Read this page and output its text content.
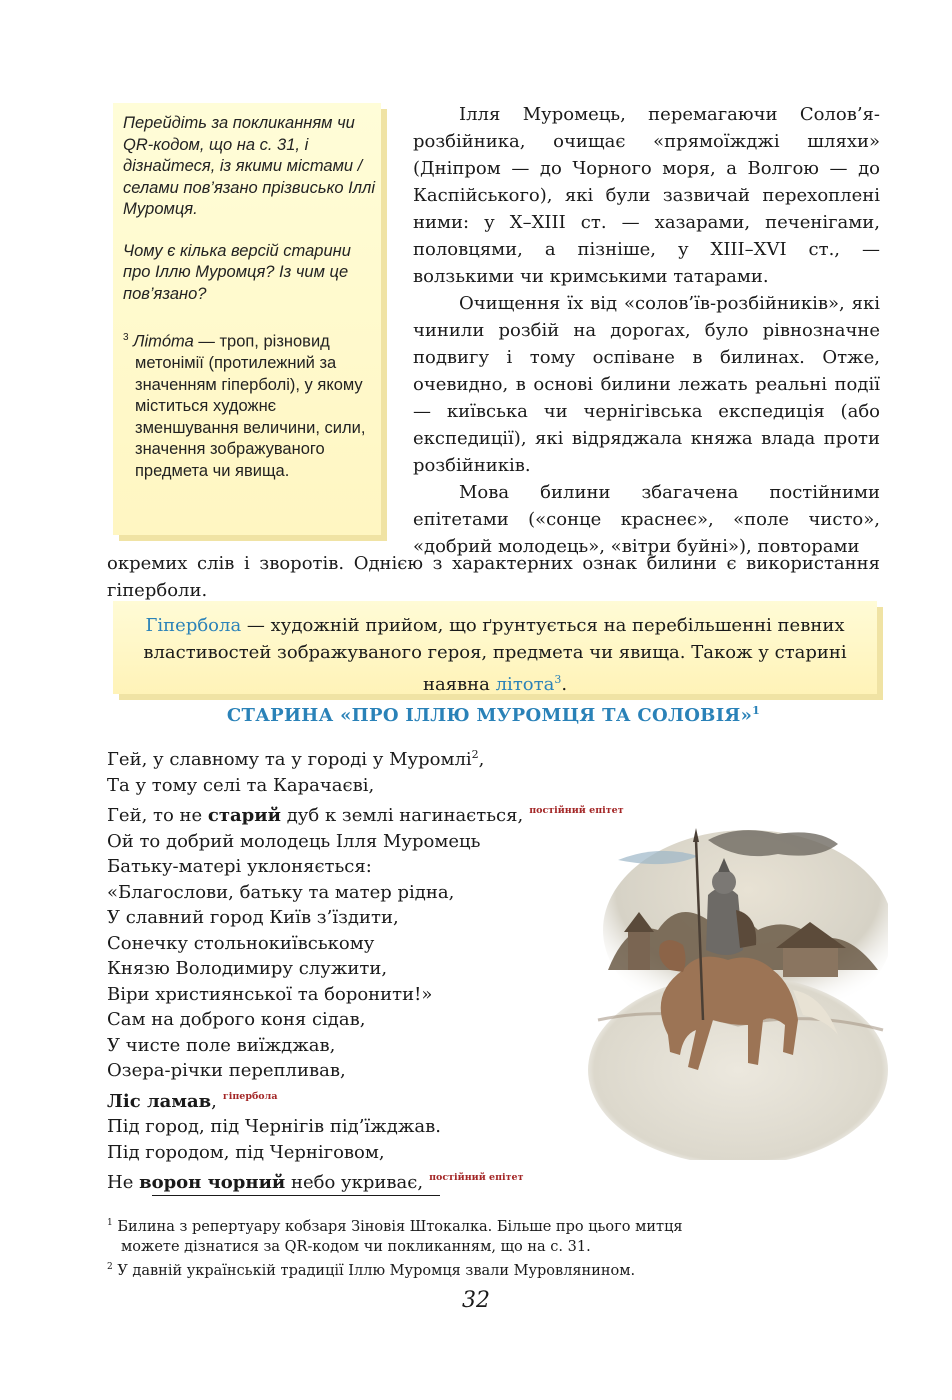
Перейдіть за покликанням чи QR-кодом, що на с. 31, і дізнайтеся, із якими містами / селами пов’язано прізвисько Іллі Муромця.

Чому є кілька версій старини про Іллю Муромця? Із чим це пов’язано?

$^3$ Літóта — троп, різновид метонімії (протилежний за значенням гіперболі), у якому міститься художнє зменшування величини, сили, значення зображуваного предмета чи явища.

Ілля Муромець, перемагаючи Солов’я-розбійника, очищає «прямоїжджі шляхи» (Дніпром — до Чорного моря, а Волгою — до Каспійського), які були зазвичай перехоплені ними: у X–XIII ст. — хазарами, печенігами, половцями, а пізніше, у XIII–XVI ст., — волзькими чи кримськими татарами.

Очищення їх від «солов’їв-розбійників», які чинили розбій на дорогах, було рівнозначне подвигу і тому оспіване в билинах. Отже, очевидно, в основі билини лежать реальні події — київська чи чернігівська експедиція (або експедиції), які відряджала княжа влада проти розбійників.

Мова билини збагачена постійними епітетами («сонце краснеє», «поле чисто», «добрий молодець», «вітри буйні»), повторами

окремих слів і зворотів. Однією з характерних ознак билини є використання гіперболи.

Гіпербола — художній прийом, що ґрунтується на перебільшенні певних властивостей зображуваного героя, предмета чи явища. Також у старині наявна літота$^3$.

СТАРИНА «ПРО ІЛЛЮ МУРОМЦЯ ТА СОЛОВІЯ»$^1$

Гей, у славному та у городі у Муромлі$^2$,
Та у тому селі та Карачаєві,
Гей, то не старий дуб к землі нагинається, $^{постійний епітет}$
Ой то добрий молодець Ілля Муромець
Батьку-матері уклоняється:
«Благослови, батьку та матер рідна,
У славний город Київ з’їздити,
Сонечку стольнокиївському
Князю Володимиру служити,
Віри християнської та боронити!»
Сам на доброго коня сідав,
У чисте поле виїжджав,
Озера-річки перепливав,
Ліс ламав, $^{гіпербола}$
Під город, під Чернігів під’їжджав.
Під городом, під Черніговом,
Не ворон чорний небо укриває, $^{постійний епітет}$

$^1$ Билина з репертуару кобзаря Зіновія Штокалка. Більше про цього митця

можете дізнатися за QR-кодом чи покликанням, що на с. 31.

$^2$ У давній українській традиції Іллю Муромця звали Муровлянином.

32
